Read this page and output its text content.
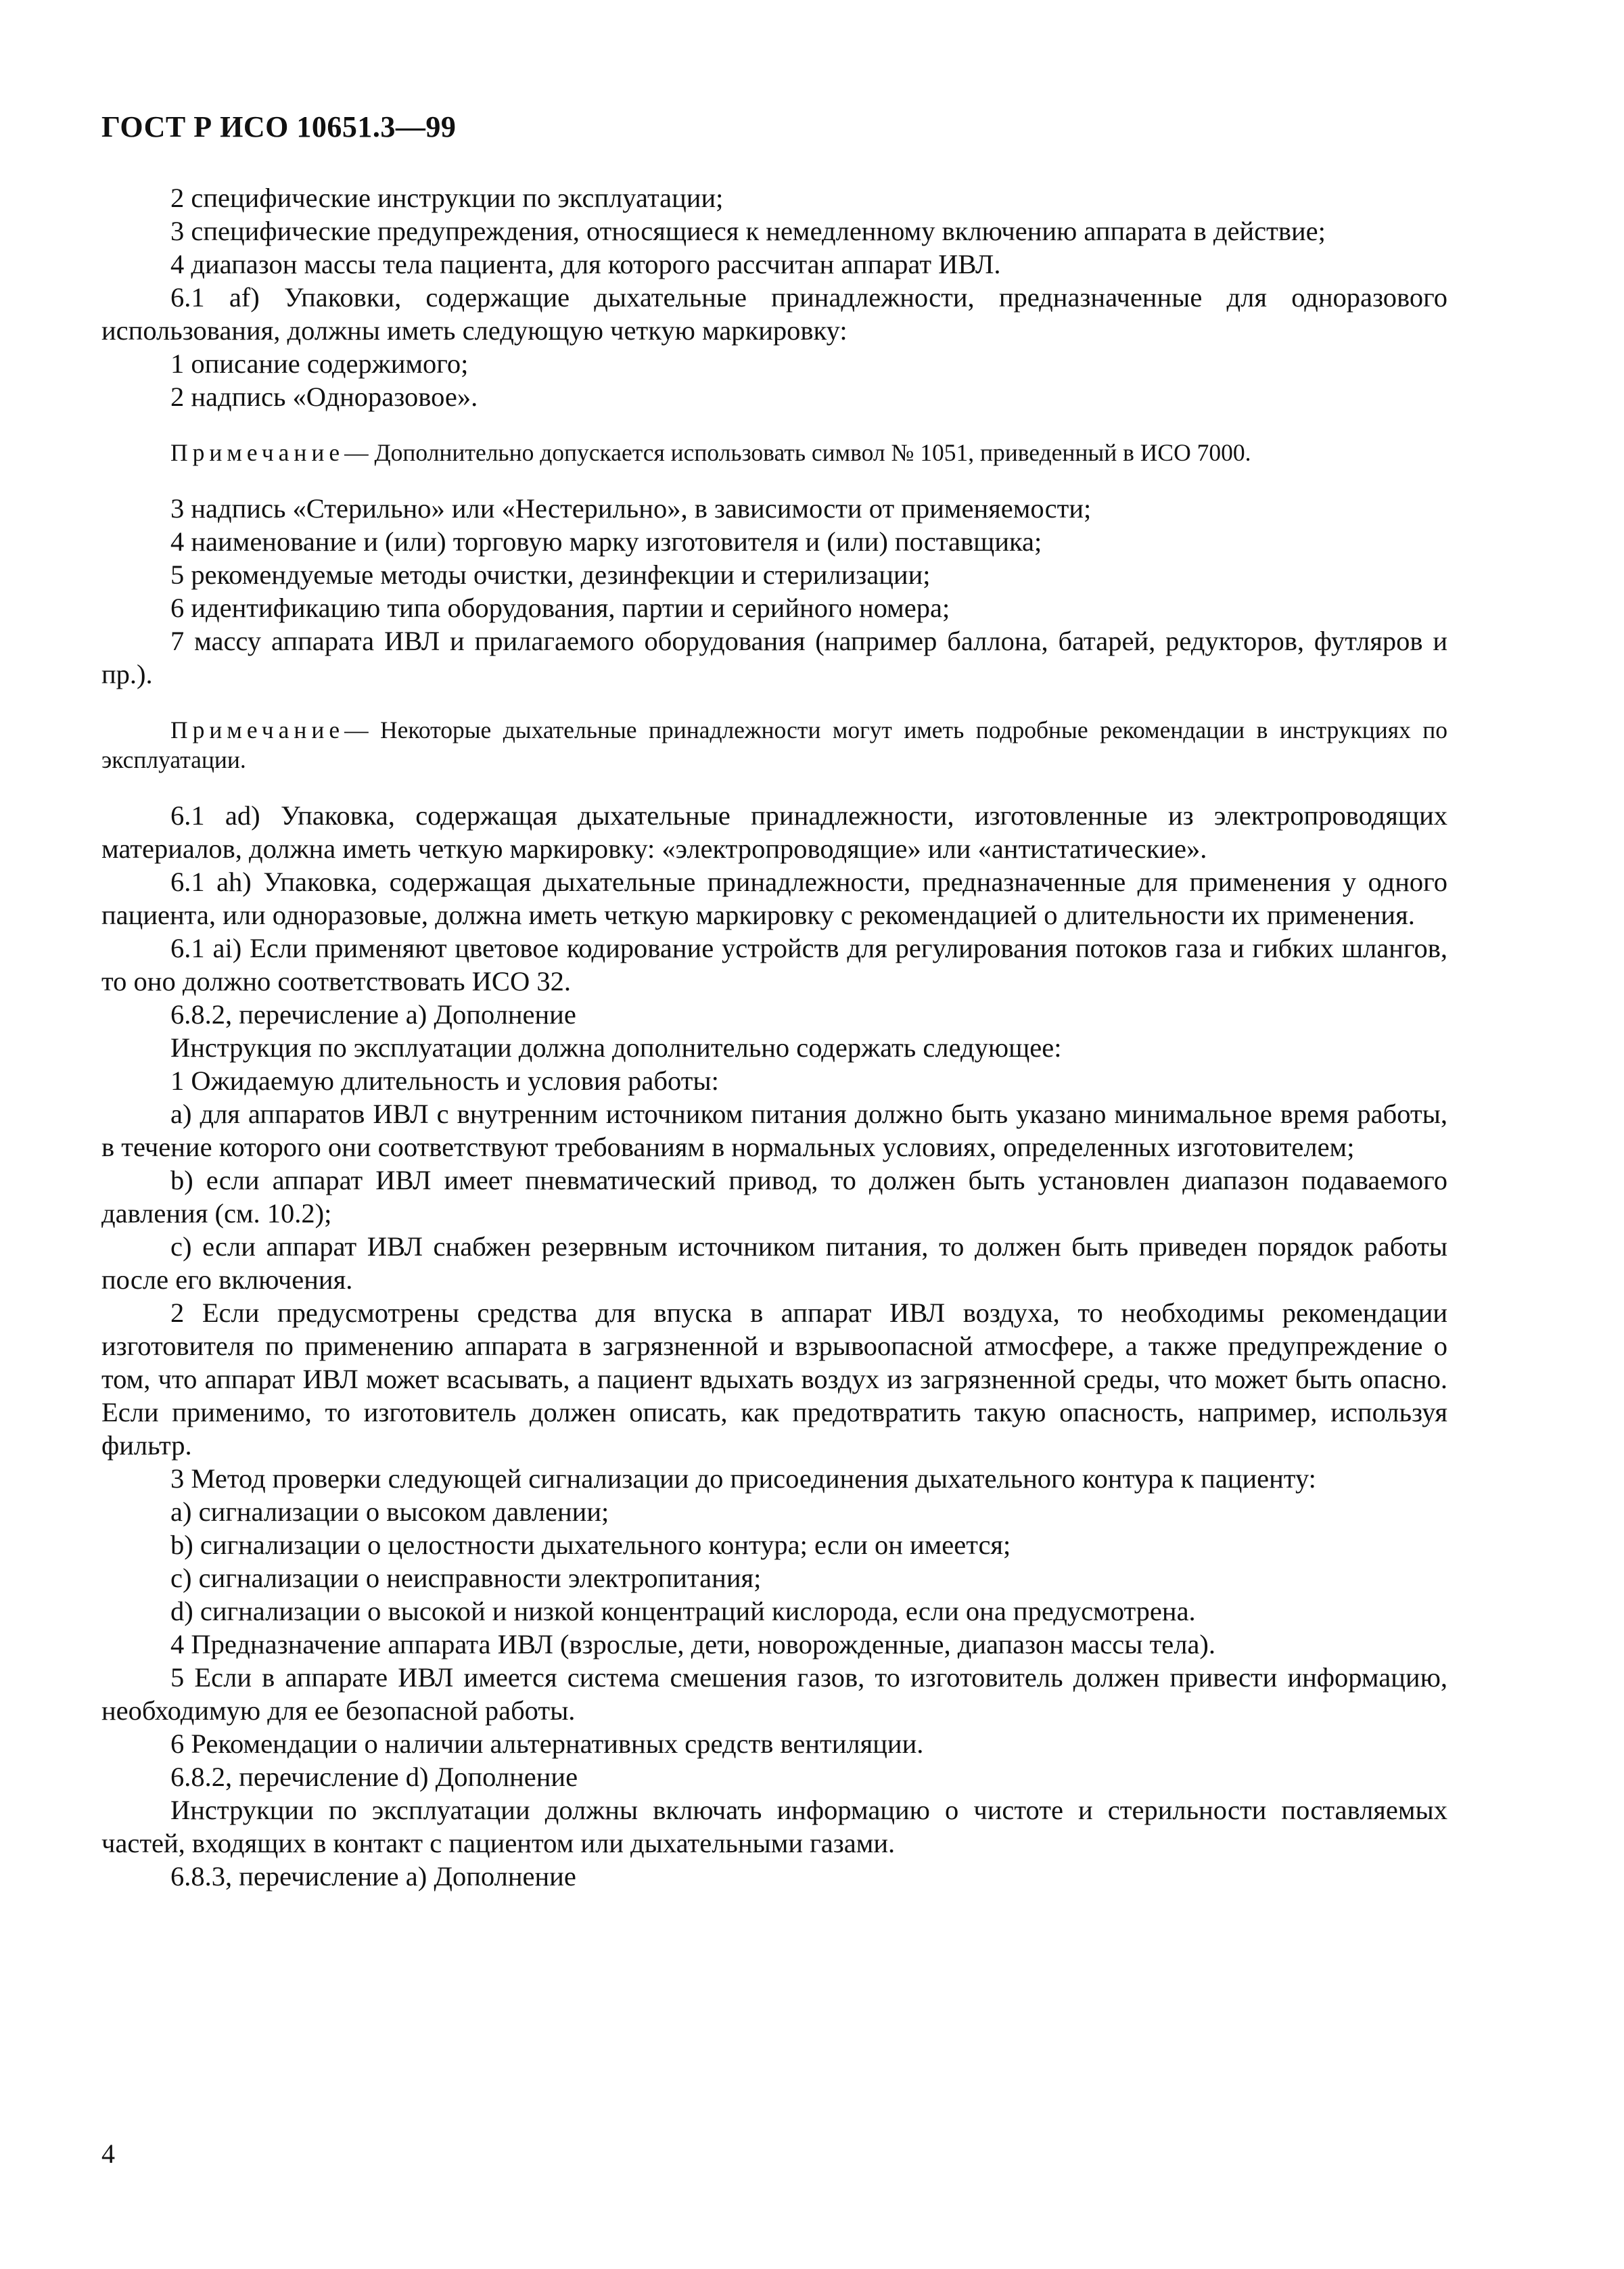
ГОСТ Р ИСО 10651.3—99

2 специфические инструкции по эксплуатации;

3 специфические предупреждения, относящиеся к немедленному включению аппарата в действие;

4 диапазон массы тела пациента, для которого рассчитан аппарат ИВЛ.

6.1 af) Упаковки, содержащие дыхательные принадлежности, предназначенные для одноразового использования, должны иметь следующую четкую маркировку:

1 описание содержимого;

2 надпись «Одноразовое».

Примечание— Дополнительно допускается использовать символ № 1051, приведенный в ИСО 7000.

3 надпись «Стерильно» или «Нестерильно», в зависимости от применяемости;

4 наименование и (или) торговую марку изготовителя и (или) поставщика;

5 рекомендуемые методы очистки, дезинфекции и стерилизации;

6 идентификацию типа оборудования, партии и серийного номера;

7 массу аппарата ИВЛ и прилагаемого оборудования (например баллона, батарей, редукторов, футляров и пр.).

Примечание— Некоторые дыхательные принадлежности могут иметь подробные рекомендации в инструкциях по эксплуатации.

6.1 ad) Упаковка, содержащая дыхательные принадлежности, изготовленные из электропроводящих материалов, должна иметь четкую маркировку: «электропроводящие» или «антистатические».

6.1 ah) Упаковка, содержащая дыхательные принадлежности, предназначенные для применения у одного пациента, или одноразовые, должна иметь четкую маркировку с рекомендацией о длительности их применения.

6.1 ai) Если применяют цветовое кодирование устройств для регулирования потоков газа и гибких шлангов, то оно должно соответствовать ИСО 32.

6.8.2, перечисление а) Дополнение

Инструкция по эксплуатации должна дополнительно содержать следующее:

1 Ожидаемую длительность и условия работы:

a) для аппаратов ИВЛ с внутренним источником питания должно быть указано минимальное время работы, в течение которого они соответствуют требованиям в нормальных условиях, определенных изготовителем;

b) если аппарат ИВЛ имеет пневматический привод, то должен быть установлен диапазон подаваемого давления (см. 10.2);

c) если аппарат ИВЛ снабжен резервным источником питания, то должен быть приведен порядок работы после его включения.

2 Если предусмотрены средства для впуска в аппарат ИВЛ воздуха, то необходимы рекомендации изготовителя по применению аппарата в загрязненной и взрывоопасной атмосфере, а также предупреждение о том, что аппарат ИВЛ может всасывать, а пациент вдыхать воздух из загрязненной среды, что может быть опасно. Если применимо, то изготовитель должен описать, как предотвратить такую опасность, например, используя фильтр.

3 Метод проверки следующей сигнализации до присоединения дыхательного контура к пациенту:

a) сигнализации о высоком давлении;

b) сигнализации о целостности дыхательного контура; если он имеется;

c) сигнализации о неисправности электропитания;

d) сигнализации о высокой и низкой концентраций кислорода, если она предусмотрена.

4 Предназначение аппарата ИВЛ (взрослые, дети, новорожденные, диапазон массы тела).

5 Если в аппарате ИВЛ имеется система смешения газов, то изготовитель должен привести информацию, необходимую для ее безопасной работы.

6 Рекомендации о наличии альтернативных средств вентиляции.

6.8.2, перечисление d) Дополнение

Инструкции по эксплуатации должны включать информацию о чистоте и стерильности поставляемых частей, входящих в контакт с пациентом или дыхательными газами.

6.8.3, перечисление а) Дополнение

4
